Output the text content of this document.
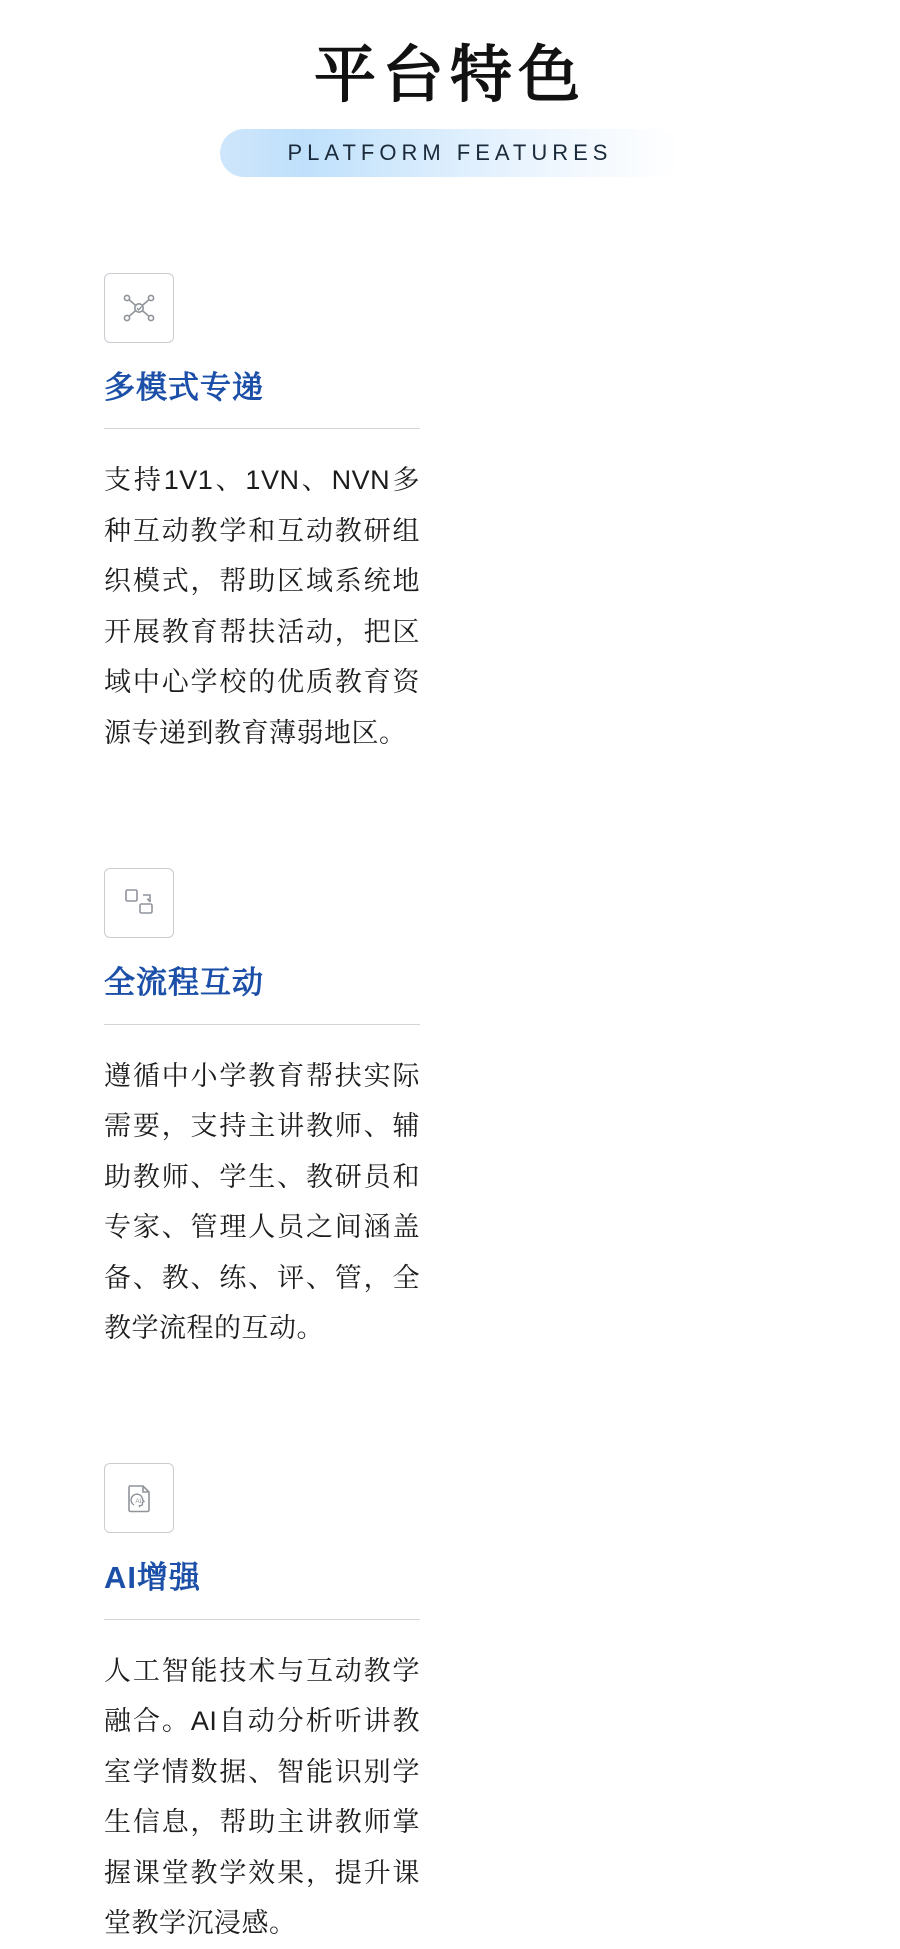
平台特色
PLATFORM FEATURES
多模式专递
支持1V1、1VN、NVN多种互动教学和互动教研组织模式，帮助区域系统地开展教育帮扶活动，把区域中心学校的优质教育资源专递到教育薄弱地区。
全流程互动
遵循中小学教育帮扶实际需要，支持主讲教师、辅助教师、学生、教研员和专家、管理人员之间涵盖备、教、练、评、管，全教学流程的互动。
AI
AI增强
人工智能技术与互动教学融合。AI自动分析听讲教室学情数据、智能识别学生信息，帮助主讲教师掌握课堂教学效果，提升课堂教学沉浸感。
